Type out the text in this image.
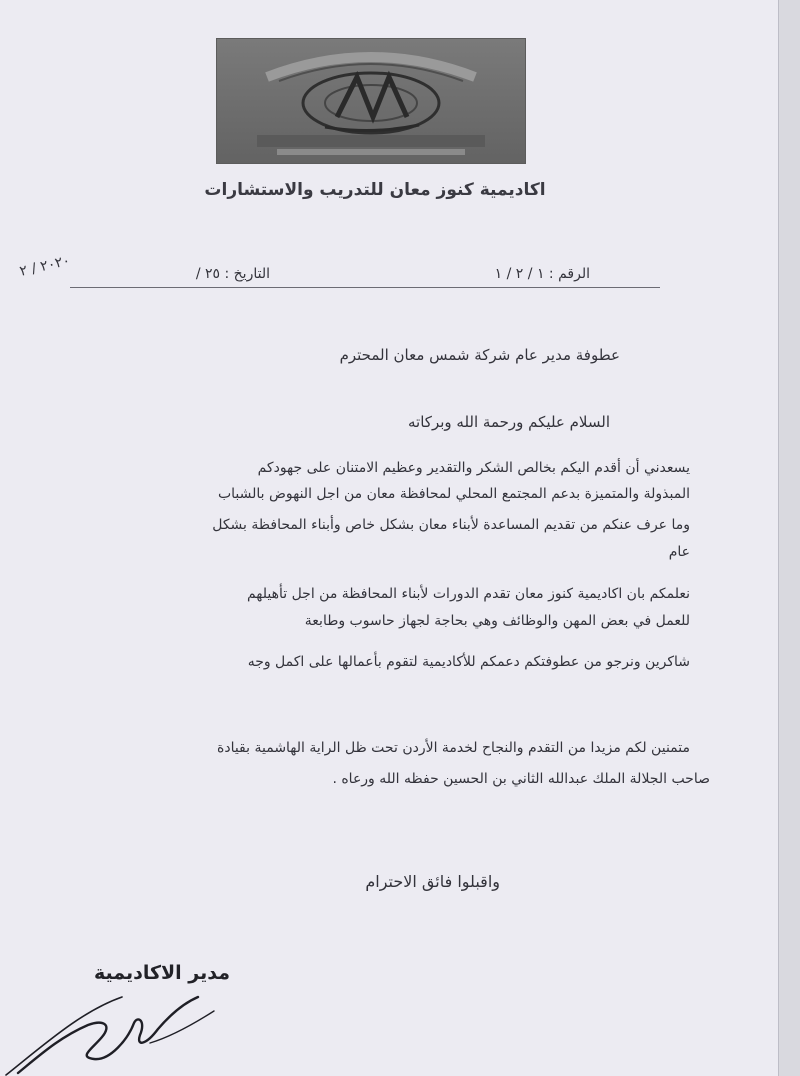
اكاديمية كنوز معان للتدريب والاستشارات
الرقم : ١ / ٢ / ١
التاريخ : ٢٥ /
٢٠٢٠ / ٢
عطوفة مدير عام شركة شمس معان المحترم
السلام عليكم ورحمة الله وبركاته
يسعدني أن أقدم اليكم بخالص الشكر والتقدير وعظيم الامتنان على جهودكم
المبذولة والمتميزة بدعم المجتمع المحلي لمحافظة معان من اجل النهوض بالشباب
وما عرف عنكم من تقديم المساعدة لأبناء معان بشكل خاص وأبناء المحافظة بشكل
عام
نعلمكم بان اكاديمية كنوز معان تقدم الدورات لأبناء المحافظة من اجل تأهيلهم
للعمل في بعض المهن والوظائف وهي بحاجة لجهاز حاسوب وطابعة
شاكرين ونرجو من عطوفتكم دعمكم للأكاديمية لتقوم بأعمالها على اكمل وجه
متمنين لكم مزيدا من التقدم والنجاح لخدمة الأردن تحت ظل الراية الهاشمية بقيادة
صاحب الجلالة الملك عبدالله الثاني بن الحسين حفظه الله ورعاه .
واقبلوا فائق الاحترام
مدير الاكاديمية
